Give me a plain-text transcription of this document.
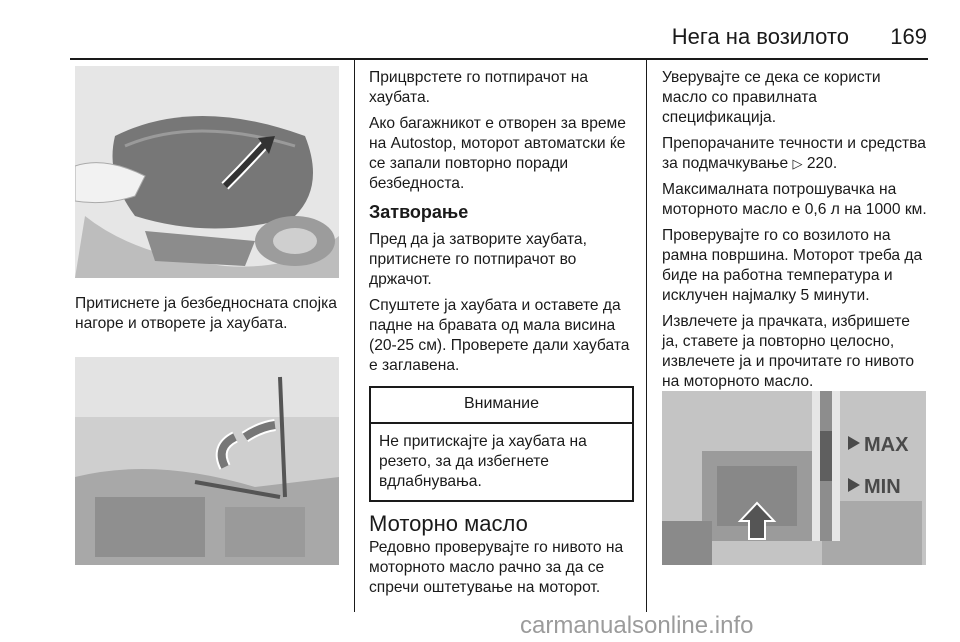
Нега на возилото 169

Притиснете ја безбедносната спојка нагоре и отворете ја хаубата.

Прицврстете го потпирачот на хаубата.

Ако багажникот е отворен за време на Autostop, моторот автоматски ќе се запали повторно поради безбедноста.

Затворање

Пред да ја затворите хаубата, притиснете го потпирачот во држачот.

Спуштете ја хаубата и оставете да падне на бравата од мала висина (20-25 см). Проверете дали хаубата е заглавена.

Внимание
Не притискајте ја хаубата на резето, за да избегнете вдлабнувања.
Моторно масло

Редовно проверувајте го нивото на моторното масло рачно за да се спречи оштетување на моторот.

Уверувајте се дека се користи масло со правилната спецификација.

Препорачаните течности и средства за подмачкување ▷ 220.

Максималната потрошувачка на моторното масло е 0,6 л на 1000 км.

Проверувајте го со возилото на рамна површина. Моторот треба да биде на работна температура и исклучен најмалку 5 минути.

Извлечете ја прачката, избришете ја, ставете ја повторно целосно, извлечете ја и прочитате го нивото на моторното масло.

MAX
MIN
carmanualsonline.info
